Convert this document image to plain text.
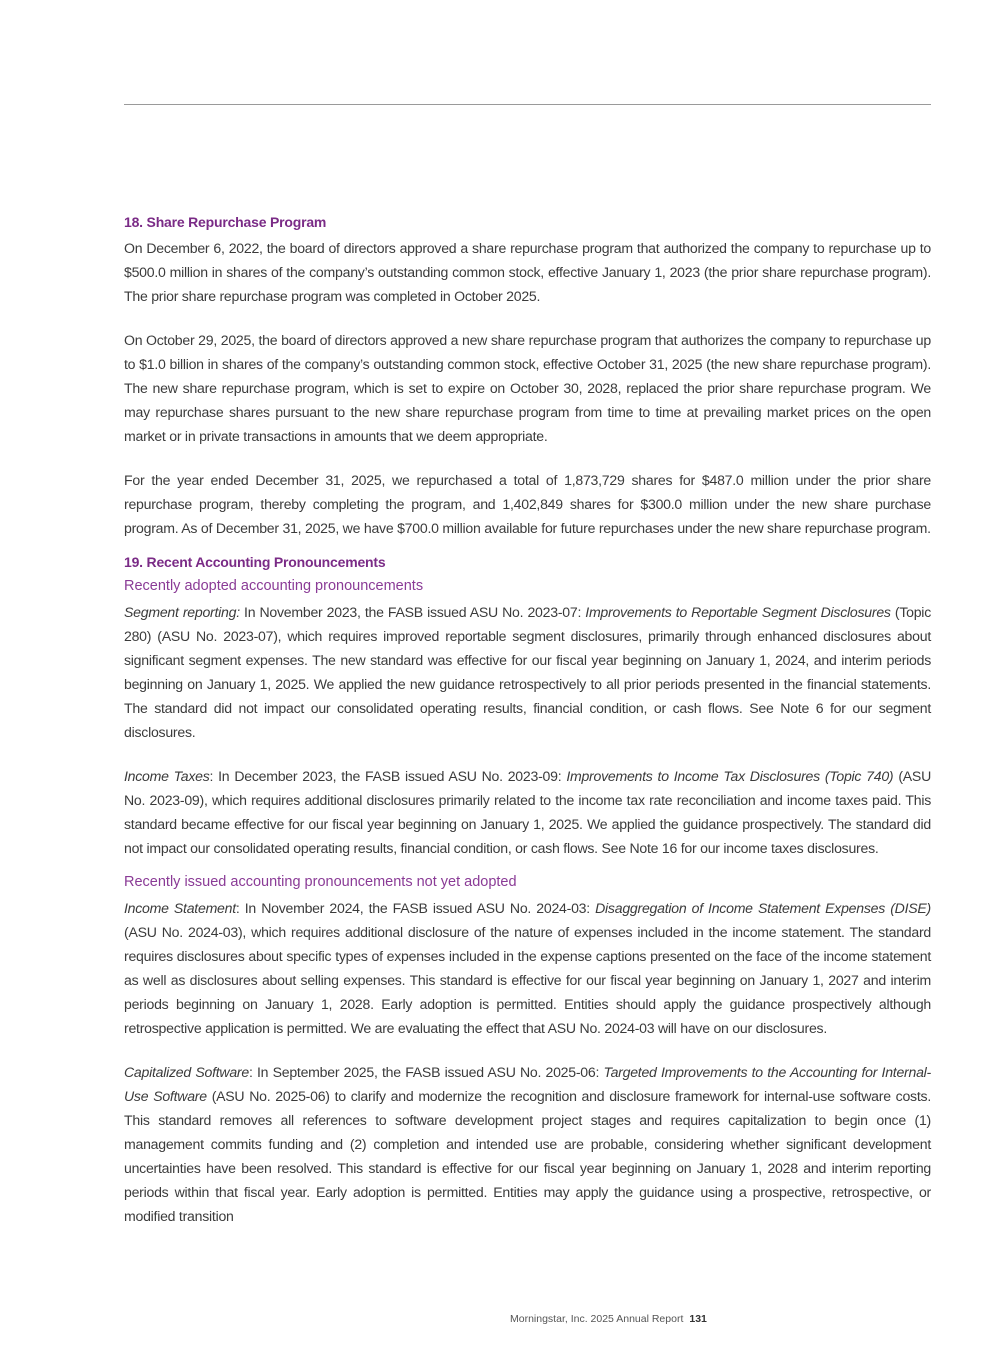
18. Share Repurchase Program

On December 6, 2022, the board of directors approved a share repurchase program that authorized the company to repurchase up to $500.0 million in shares of the company’s outstanding common stock, effective January 1, 2023 (the prior share repurchase program). The prior share repurchase program was completed in October 2025.

On October 29, 2025, the board of directors approved a new share repurchase program that authorizes the company to repurchase up to $1.0 billion in shares of the company’s outstanding common stock, effective October 31, 2025 (the new share repurchase program). The new share repurchase program, which is set to expire on October 30, 2028, replaced the prior share repurchase program. We may repurchase shares pursuant to the new share repurchase program from time to time at prevailing market prices on the open market or in private transactions in amounts that we deem appropriate.

For the year ended December 31, 2025, we repurchased a total of 1,873,729 shares for $487.0 million under the prior share repurchase program, thereby completing the program, and 1,402,849 shares for $300.0 million under the new share purchase program. As of December 31, 2025, we have $700.0 million available for future repurchases under the new share repurchase program.

19. Recent Accounting Pronouncements
Recently adopted accounting pronouncements

Segment reporting: In November 2023, the FASB issued ASU No. 2023-07: Improvements to Reportable Segment Disclosures (Topic 280) (ASU No. 2023-07), which requires improved reportable segment disclosures, primarily through enhanced disclosures about significant segment expenses. The new standard was effective for our fiscal year beginning on January 1, 2024, and interim periods beginning on January 1, 2025. We applied the new guidance retrospectively to all prior periods presented in the financial statements. The standard did not impact our consolidated operating results, financial condition, or cash flows. See Note 6 for our segment disclosures.

Income Taxes: In December 2023, the FASB issued ASU No. 2023-09: Improvements to Income Tax Disclosures (Topic 740) (ASU No. 2023-09), which requires additional disclosures primarily related to the income tax rate reconciliation and income taxes paid. This standard became effective for our fiscal year beginning on January 1, 2025. We applied the guidance prospectively. The standard did not impact our consolidated operating results, financial condition, or cash flows. See Note 16 for our income taxes disclosures.

Recently issued accounting pronouncements not yet adopted

Income Statement: In November 2024, the FASB issued ASU No. 2024-03: Disaggregation of Income Statement Expenses (DISE) (ASU No. 2024-03), which requires additional disclosure of the nature of expenses included in the income statement. The standard requires disclosures about specific types of expenses included in the expense captions presented on the face of the income statement as well as disclosures about selling expenses. This standard is effective for our fiscal year beginning on January 1, 2027 and interim periods beginning on January 1, 2028. Early adoption is permitted. Entities should apply the guidance prospectively although retrospective application is permitted. We are evaluating the effect that ASU No. 2024-03 will have on our disclosures.

Capitalized Software: In September 2025, the FASB issued ASU No. 2025-06: Targeted Improvements to the Accounting for Internal-Use Software (ASU No. 2025-06) to clarify and modernize the recognition and disclosure framework for internal-use software costs. This standard removes all references to software development project stages and requires capitalization to begin once (1) management commits funding and (2) completion and intended use are probable, considering whether significant development uncertainties have been resolved. This standard is effective for our fiscal year beginning on January 1, 2028 and interim reporting periods within that fiscal year. Early adoption is permitted. Entities may apply the guidance using a prospective, retrospective, or modified transition

Morningstar, Inc. 2025 Annual Report 131
